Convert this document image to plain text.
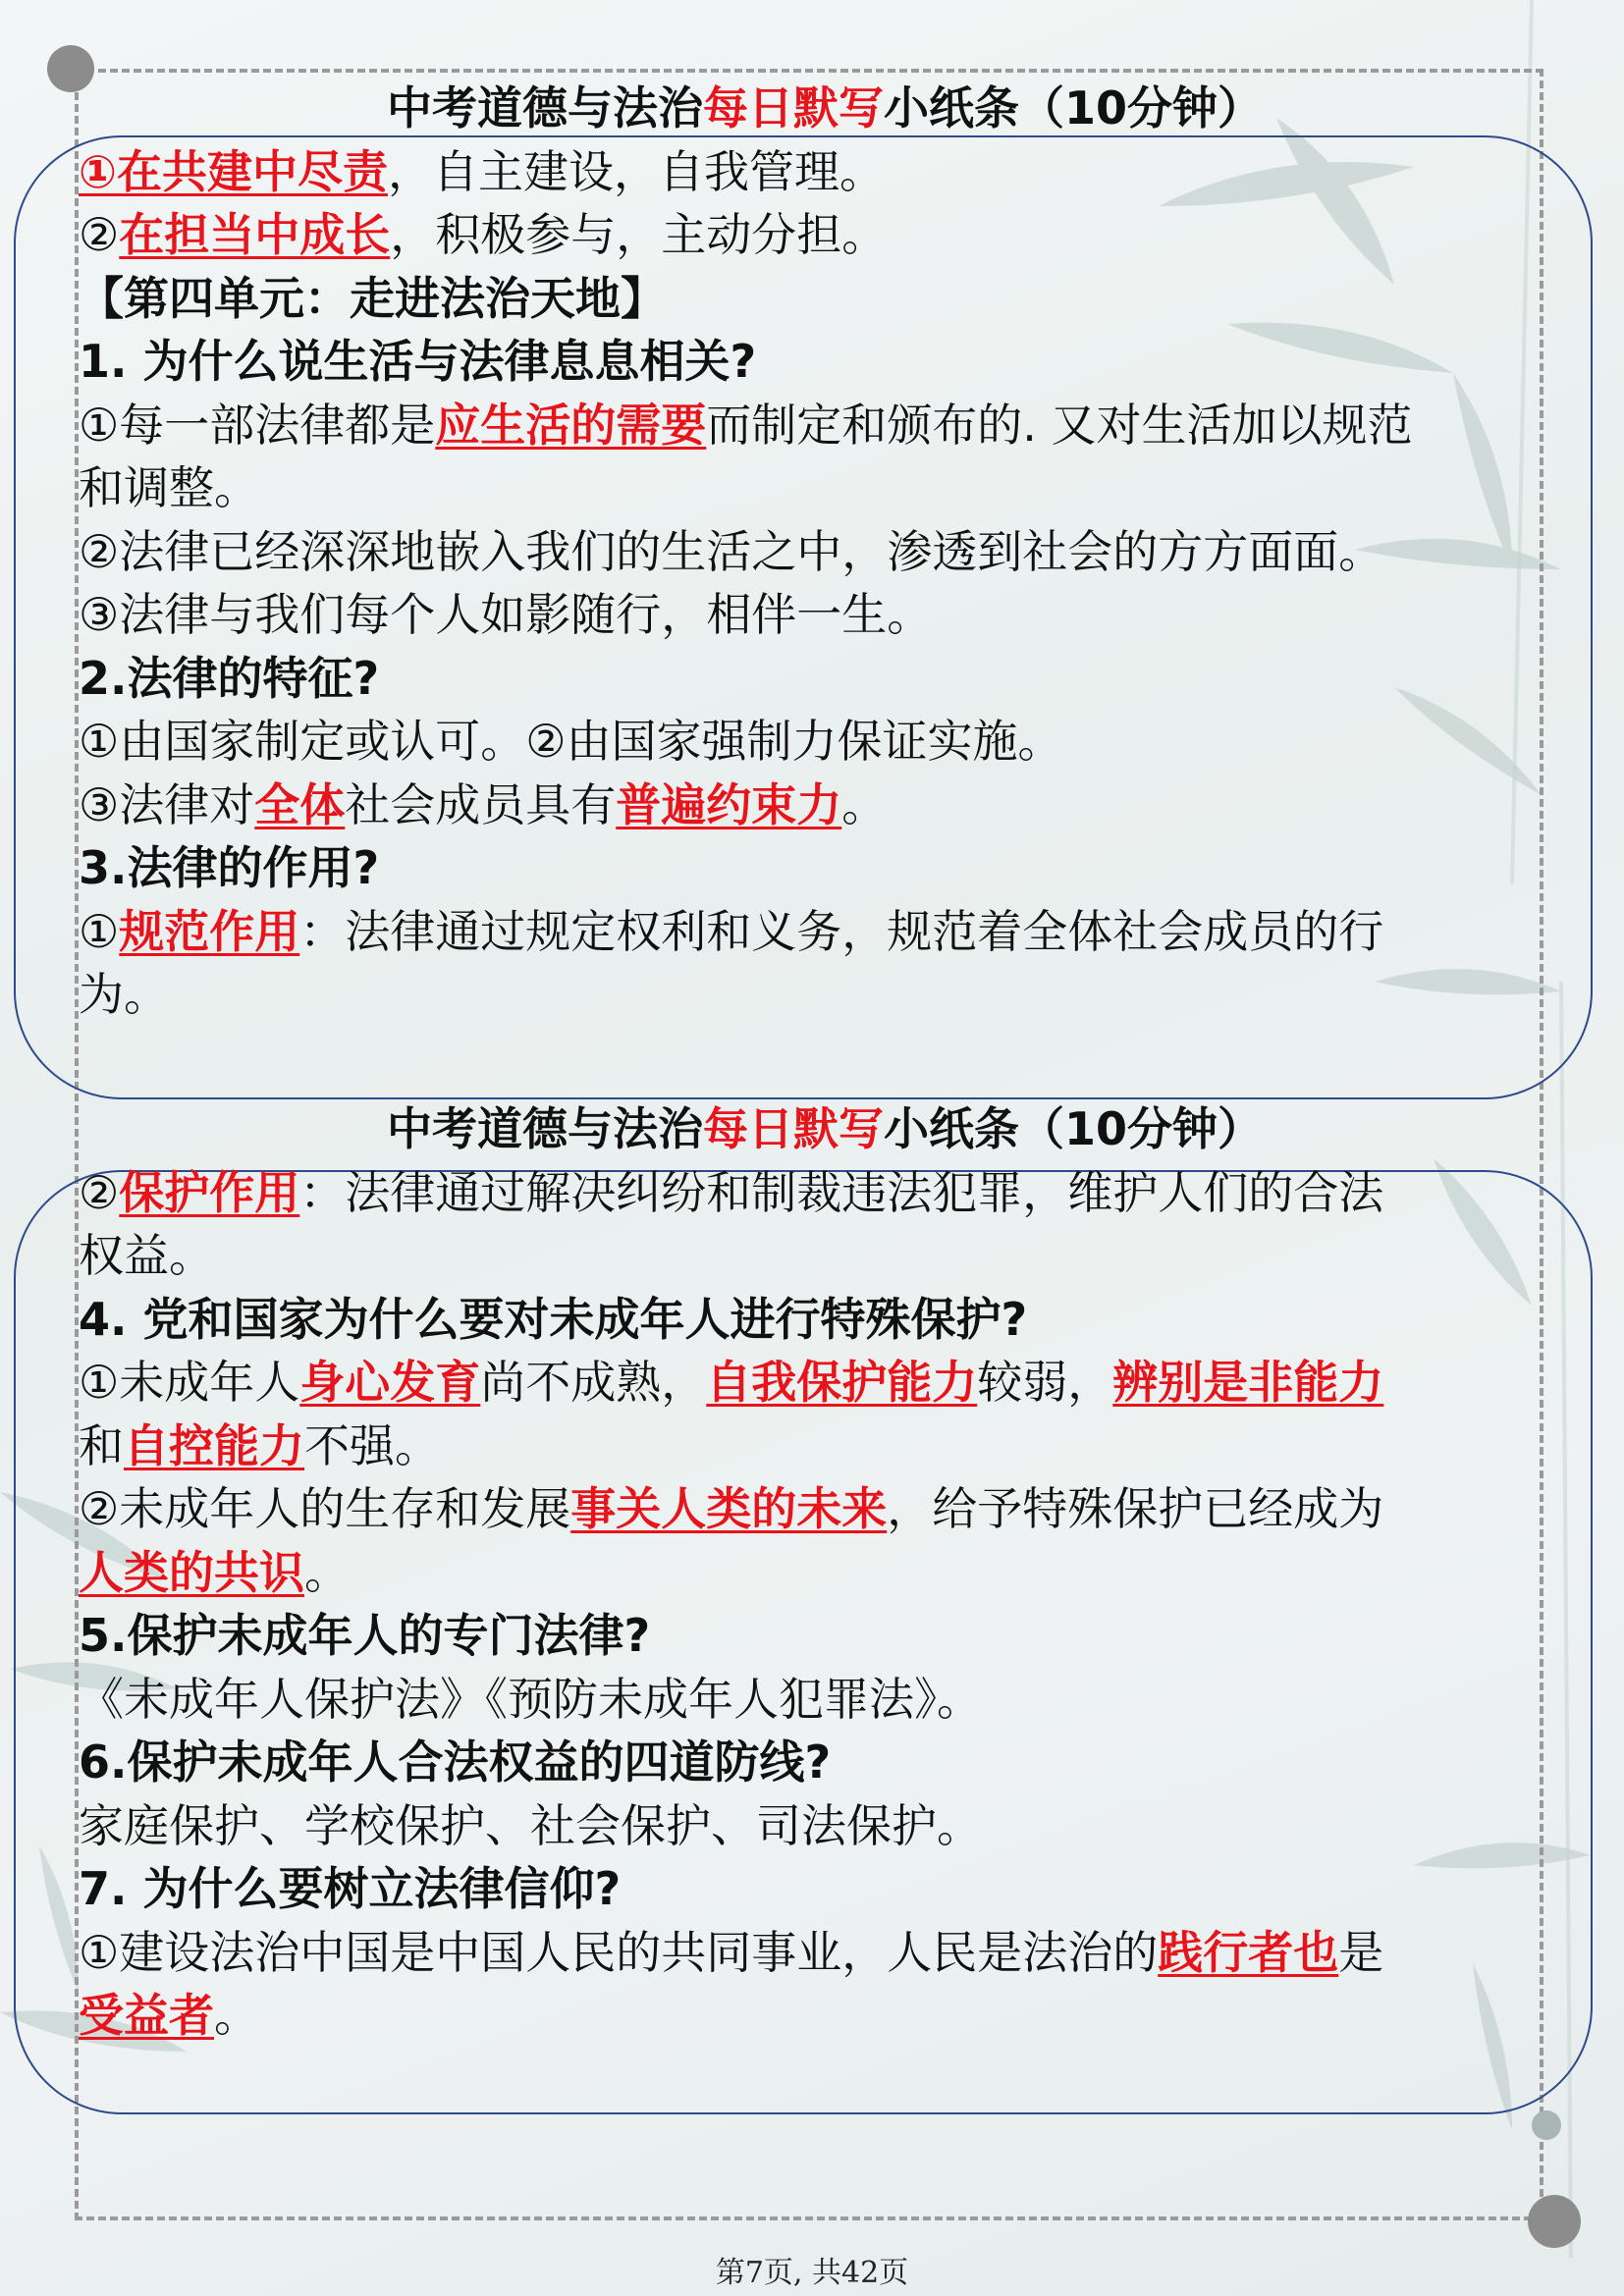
中考道德与法治每日默写小纸条（10分钟）
①在共建中尽责，自主建设，自我管理。
②在担当中成长，积极参与，主动分担。
【第四单元：走进法治天地】
1. 为什么说生活与法律息息相关?
①每一部法律都是应生活的需要而制定和颁布的. 又对生活加以规范
和调整。
②法律已经深深地嵌入我们的生活之中，渗透到社会的方方面面。
③法律与我们每个人如影随行，相伴一生。
2.法律的特征?
①由国家制定或认可。②由国家强制力保证实施。
③法律对全体社会成员具有普遍约束力。
3.法律的作用?
①规范作用：法律通过规定权利和义务，规范着全体社会成员的行
为。
中考道德与法治每日默写小纸条（10分钟）
②保护作用：法律通过解决纠纷和制裁违法犯罪，维护人们的合法
权益。
4. 党和国家为什么要对未成年人进行特殊保护?
①未成年人身心发育尚不成熟，自我保护能力较弱，辨别是非能力
和自控能力不强。
②未成年人的生存和发展事关人类的未来，给予特殊保护已经成为
人类的共识。
5.保护未成年人的专门法律?
《未成年人保护法》《预防未成年人犯罪法》。
6.保护未成年人合法权益的四道防线?
家庭保护、学校保护、社会保护、司法保护。
7. 为什么要树立法律信仰?
①建设法治中国是中国人民的共同事业，人民是法治的践行者也是
受益者。
第7页, 共42页
